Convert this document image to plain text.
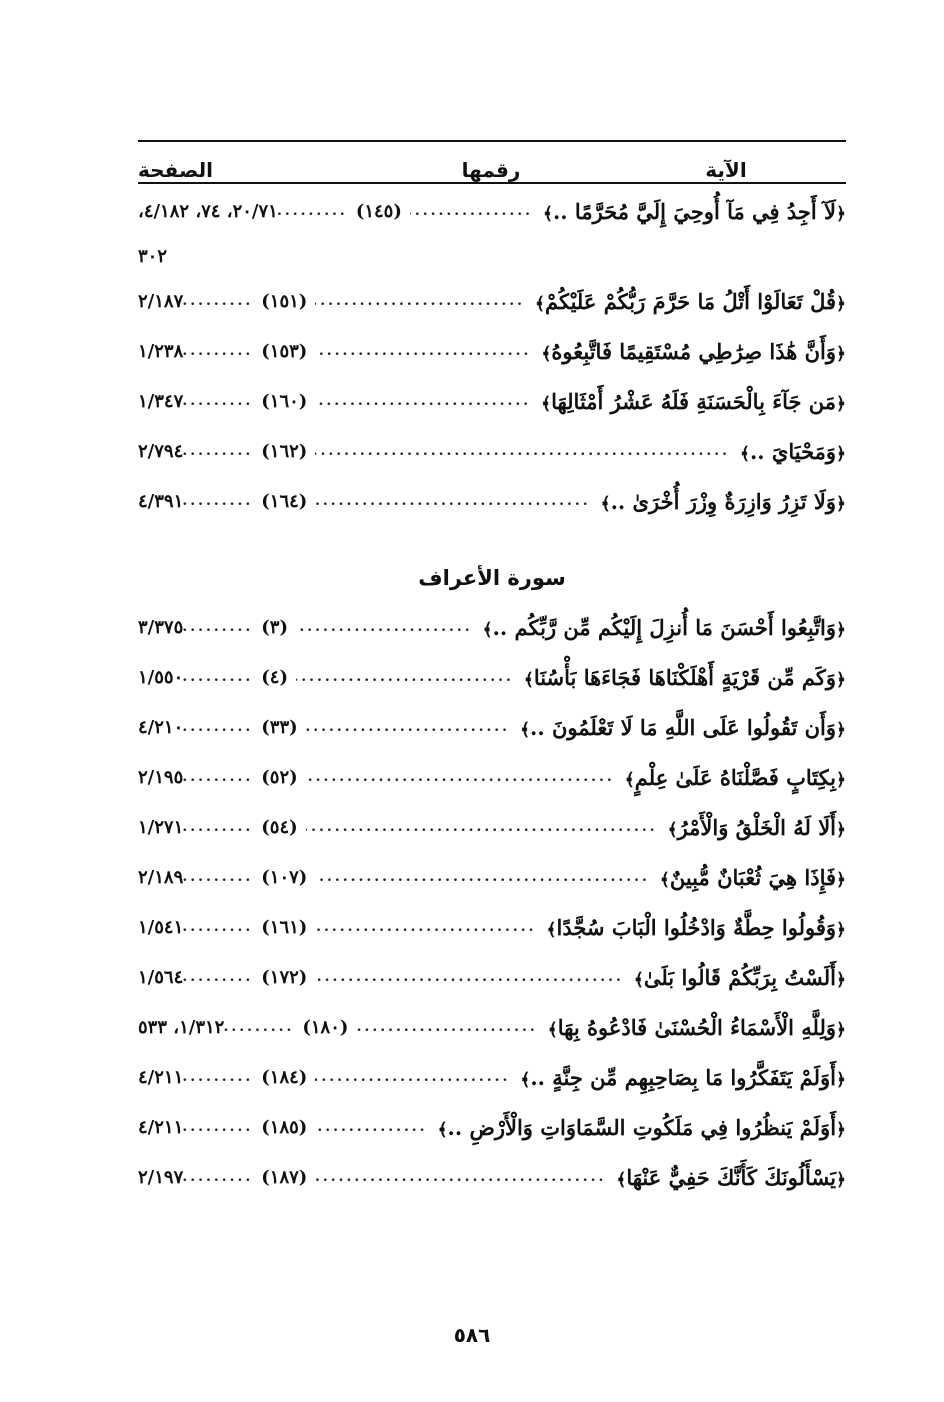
الآية
رقمها
الصفحة
﴿لَآ أَجِدُ فِي مَآ أُوحِيَ إِلَيَّ مُحَرَّمًا ..﴾
.....
(١٤٥)
.....
٢٠/٧١، ٧٤، ٤/١٨٢،
٣٠٢
﴿قُلْ تَعَالَوْا أَتْلُ مَا حَرَّمَ رَبُّكُمْ عَلَيْكُمْ﴾
.....
(١٥١)
.....
٢/١٨٧
﴿وَأَنَّ هَٰذَا صِرَٰطِي مُسْتَقِيمًا فَاتَّبِعُوهُ﴾
.....
(١٥٣)
.....
١/٢٣٨
﴿مَن جَآءَ بِالْحَسَنَةِ فَلَهُ عَشْرُ أَمْثَالِهَا﴾
.....
(١٦٠)
.....
١/٣٤٧
﴿وَمَحْيَايَ ..﴾
.....
(١٦٢)
.....
٢/٧٩٤
﴿وَلَا تَزِرُ وَازِرَةٌ وِزْرَ أُخْرَىٰ ..﴾
.....
(١٦٤)
.....
٤/٣٩١
سورة الأعراف
﴿وَاتَّبِعُوا أَحْسَنَ مَا أُنزِلَ إِلَيْكُم مِّن رَّبِّكُم ..﴾
.....
(٣)
.....
٣/٣٧٥
﴿وَكَم مِّن قَرْيَةٍ أَهْلَكْنَاهَا فَجَاءَهَا بَأْسُنَا﴾
.....
(٤)
.....
١/٥٥٠
﴿وَأَن تَقُولُوا عَلَى اللَّهِ مَا لَا تَعْلَمُونَ ..﴾
.....
(٣٣)
.....
٤/٢١٠
﴿بِكِتَابٍ فَصَّلْنَاهُ عَلَىٰ عِلْمٍ﴾
.....
(٥٢)
.....
٢/١٩٥
﴿أَلَا لَهُ الْخَلْقُ وَالْأَمْرُ﴾
.....
(٥٤)
.....
١/٢٧١
﴿فَإِذَا هِيَ ثُعْبَانٌ مُّبِينٌ﴾
.....
(١٠٧)
.....
٢/١٨٩
﴿وَقُولُوا حِطَّةٌ وَادْخُلُوا الْبَابَ سُجَّدًا﴾
.....
(١٦١)
.....
١/٥٤١
﴿أَلَسْتُ بِرَبِّكُمْ قَالُوا بَلَىٰ﴾
.....
(١٧٢)
.....
١/٥٦٤
﴿وَلِلَّهِ الْأَسْمَاءُ الْحُسْنَىٰ فَادْعُوهُ بِهَا﴾
.....
(١٨٠)
.....
١/٣١٢، ٥٣٣
﴿أَوَلَمْ يَتَفَكَّرُوا مَا بِصَاحِبِهِم مِّن جِنَّةٍ ..﴾
.....
(١٨٤)
.....
٤/٢١١
﴿أَوَلَمْ يَنظُرُوا فِي مَلَكُوتِ السَّمَاوَاتِ وَالْأَرْضِ ..﴾
.....
(١٨٥)
.....
٤/٢١١
﴿يَسْأَلُونَكَ كَأَنَّكَ حَفِيٌّ عَنْهَا﴾
.....
(١٨٧)
.....
٢/١٩٧
٥٨٦
